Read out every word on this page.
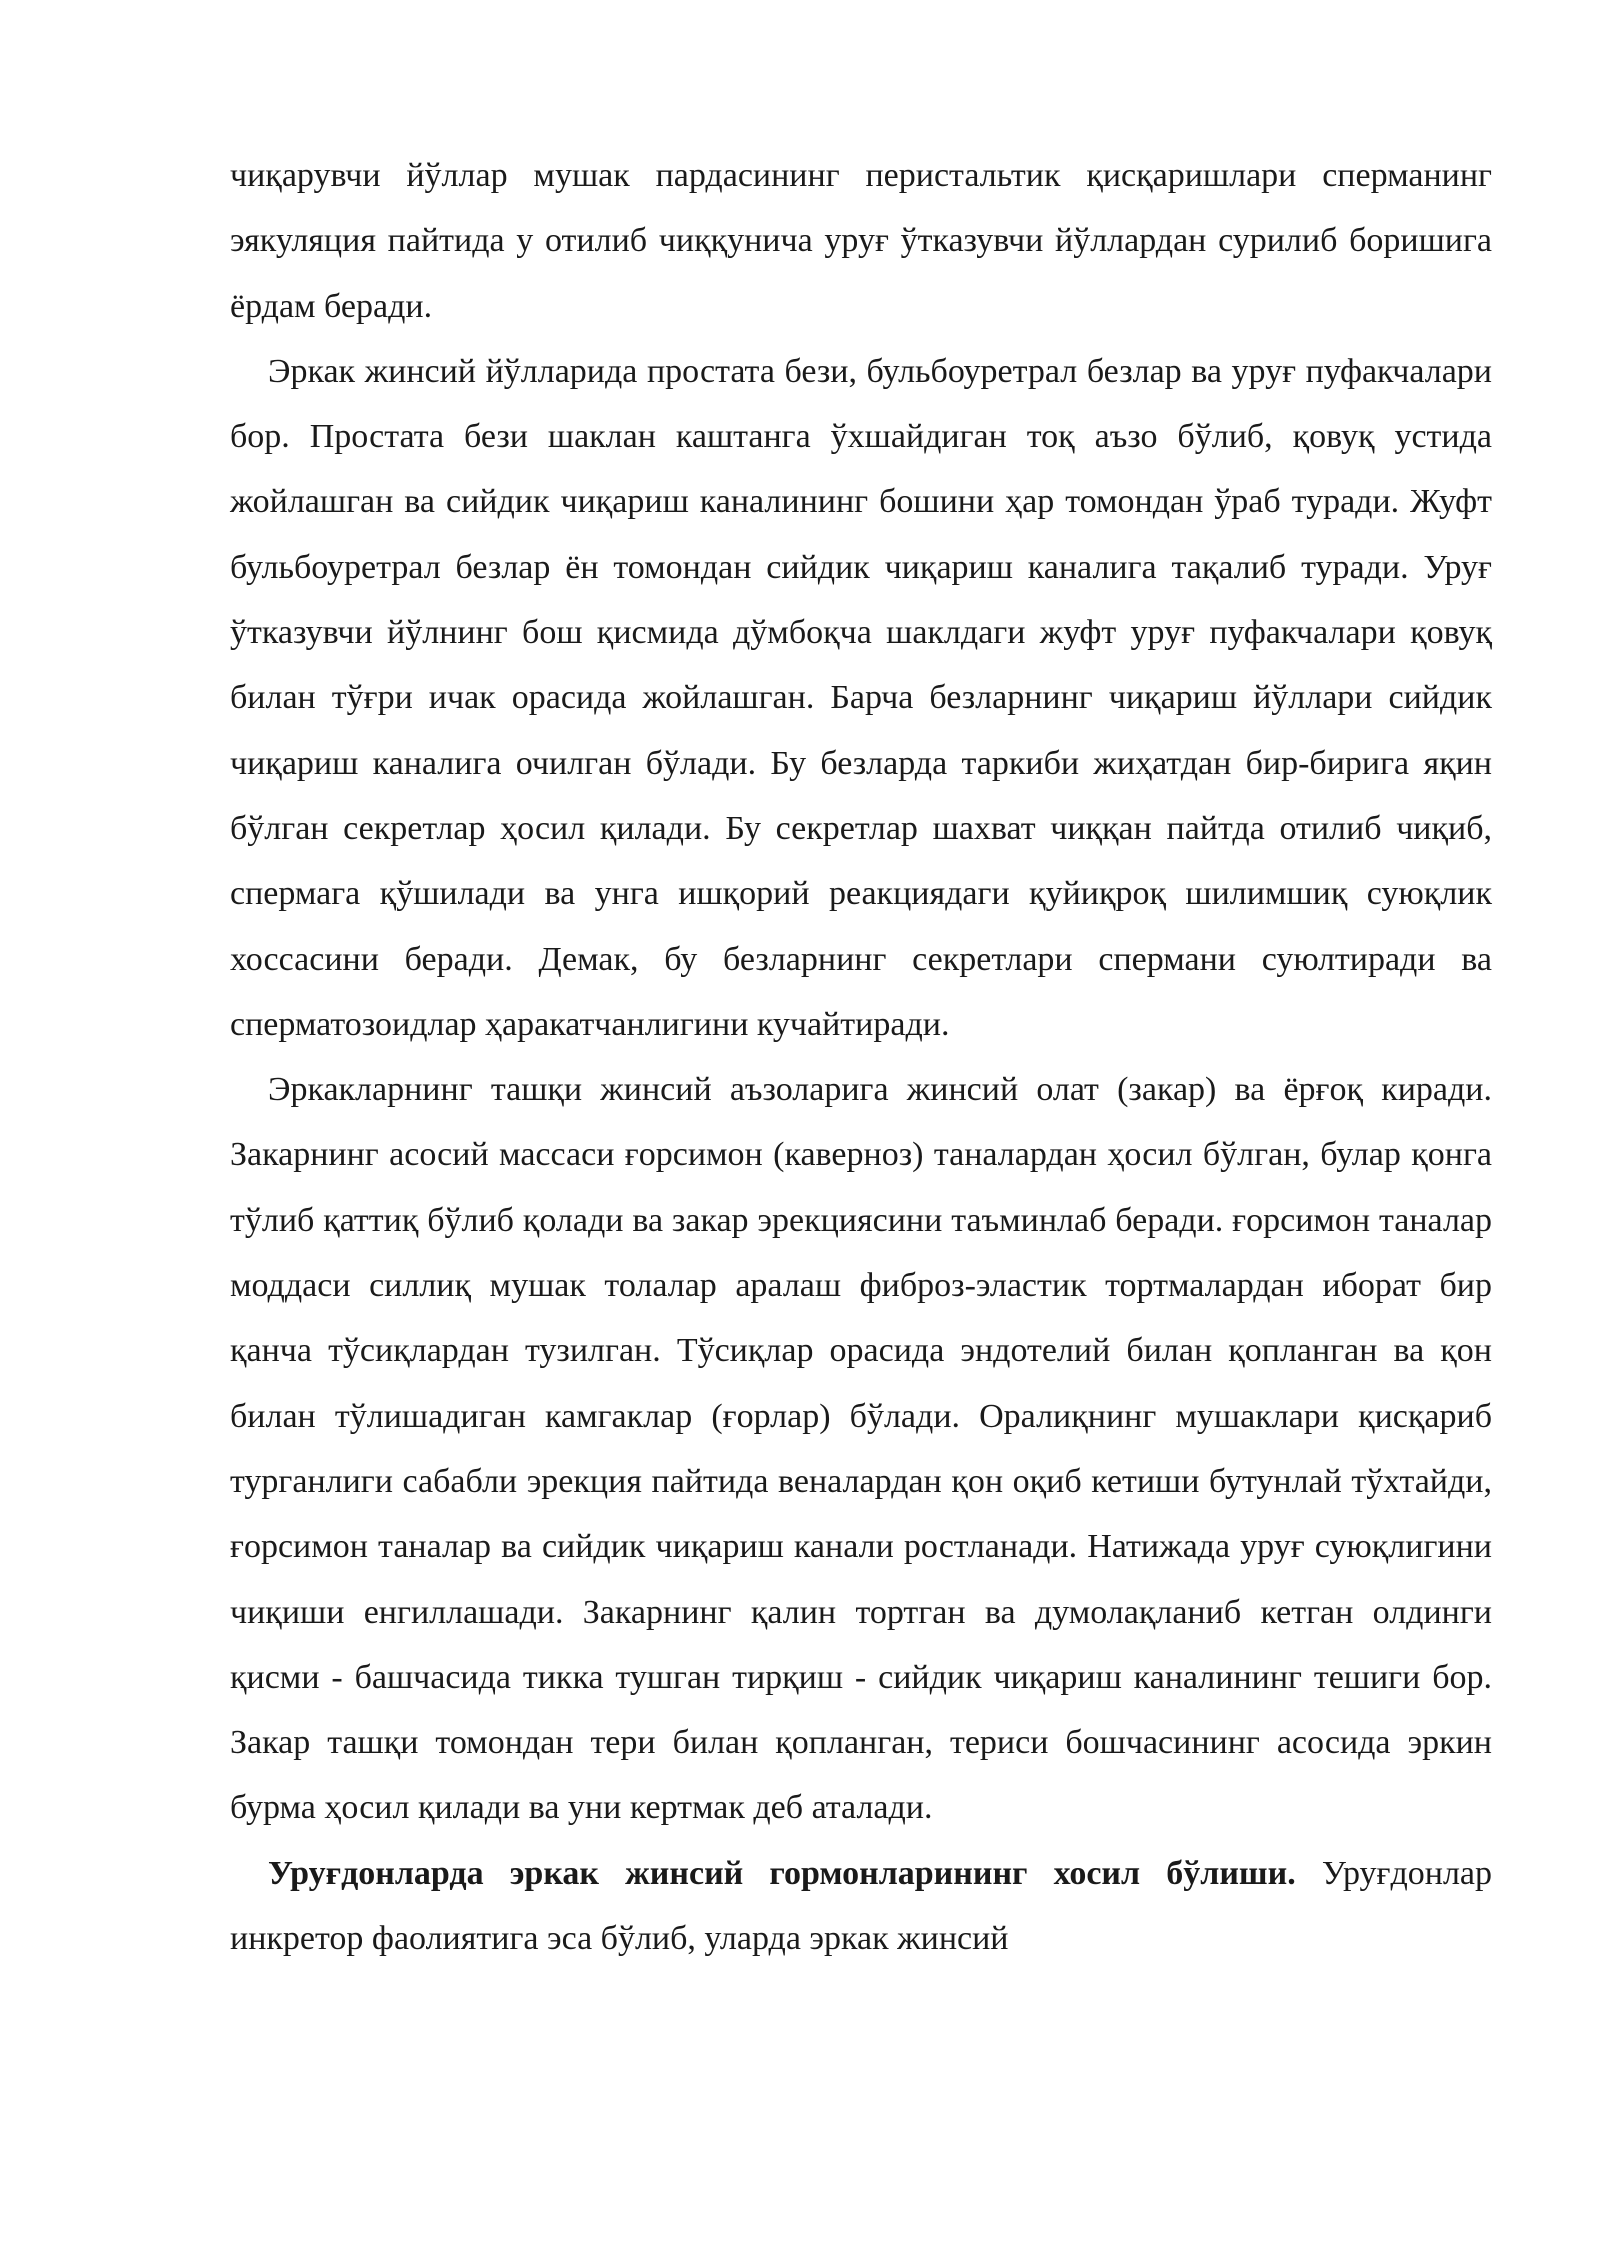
чиқарувчи йўллар мушак пардасининг перистальтик қисқаришлари сперманинг эякуляция пайтида у отилиб чиққунича уруғ ўтказувчи йўллардан сурилиб боришига ёрдам беради.

Эркак жинсий йўлларида простата бези, бульбоуретрал безлар ва уруғ пуфакчалари бор. Простата бези шаклан каштанга ўхшайдиган тоқ аъзо бўлиб, қовуқ устида жойлашган ва сийдик чиқариш каналининг бошини ҳар томондан ўраб туради. Жуфт бульбоуретрал безлар ён томондан сийдик чиқариш каналига тақалиб туради. Уруғ ўтказувчи йўлнинг бош қисмида дўмбоқча шаклдаги жуфт уруғ пуфакчалари қовуқ билан тўғри ичак орасида жойлашган. Барча безларнинг чиқариш йўллари сийдик чиқариш каналига очилган бўлади. Бу безларда таркиби жиҳатдан бир-бирига яқин бўлган секретлар ҳосил қилади. Бу секретлар шахват чиққан пайтда отилиб чиқиб, спермага қўшилади ва унга ишқорий реакциядаги қуйиқроқ шилимшиқ суюқлик хоссасини беради. Демак, бу безларнинг секретлари спермани суюлтиради ва сперматозоидлар ҳаракатчанлигини кучайтиради.

Эркакларнинг ташқи жинсий аъзоларига жинсий олат (закар) ва ёрғоқ киради. Закарнинг асосий массаси ғорсимон (каверноз) таналардан ҳосил бўлган, булар қонга тўлиб қаттиқ бўлиб қолади ва закар эрекциясини таъминлаб беради. ғорсимон таналар моддаси силлиқ мушак толалар аралаш фиброз-эластик тортмалардан иборат бир қанча тўсиқлардан тузилган. Тўсиқлар орасида эндотелий билан қопланган ва қон билан тўлишадиган камгаклар (ғорлар) бўлади. Оралиқнинг мушаклари қисқариб турганлиги сабабли эрекция пайтида веналардан қон оқиб кетиши бутунлай тўхтайди, ғорсимон таналар ва сийдик чиқариш канали ростланади. Натижада уруғ суюқлигини чиқиши енгиллашади. Закарнинг қалин тортган ва думолақланиб кетган олдинги қисми - башчасида тикка тушган тирқиш - сийдик чиқариш каналининг тешиги бор. Закар ташқи томондан тери билан қопланган, териси бошчасининг асосида эркин бурма ҳосил қилади ва уни кертмак деб аталади.

Уруғдонларда эркак жинсий гормонларининг хосил бўлиши. Уруғдонлар инкретор фаолиятига эса бўлиб, уларда эркак жинсий
